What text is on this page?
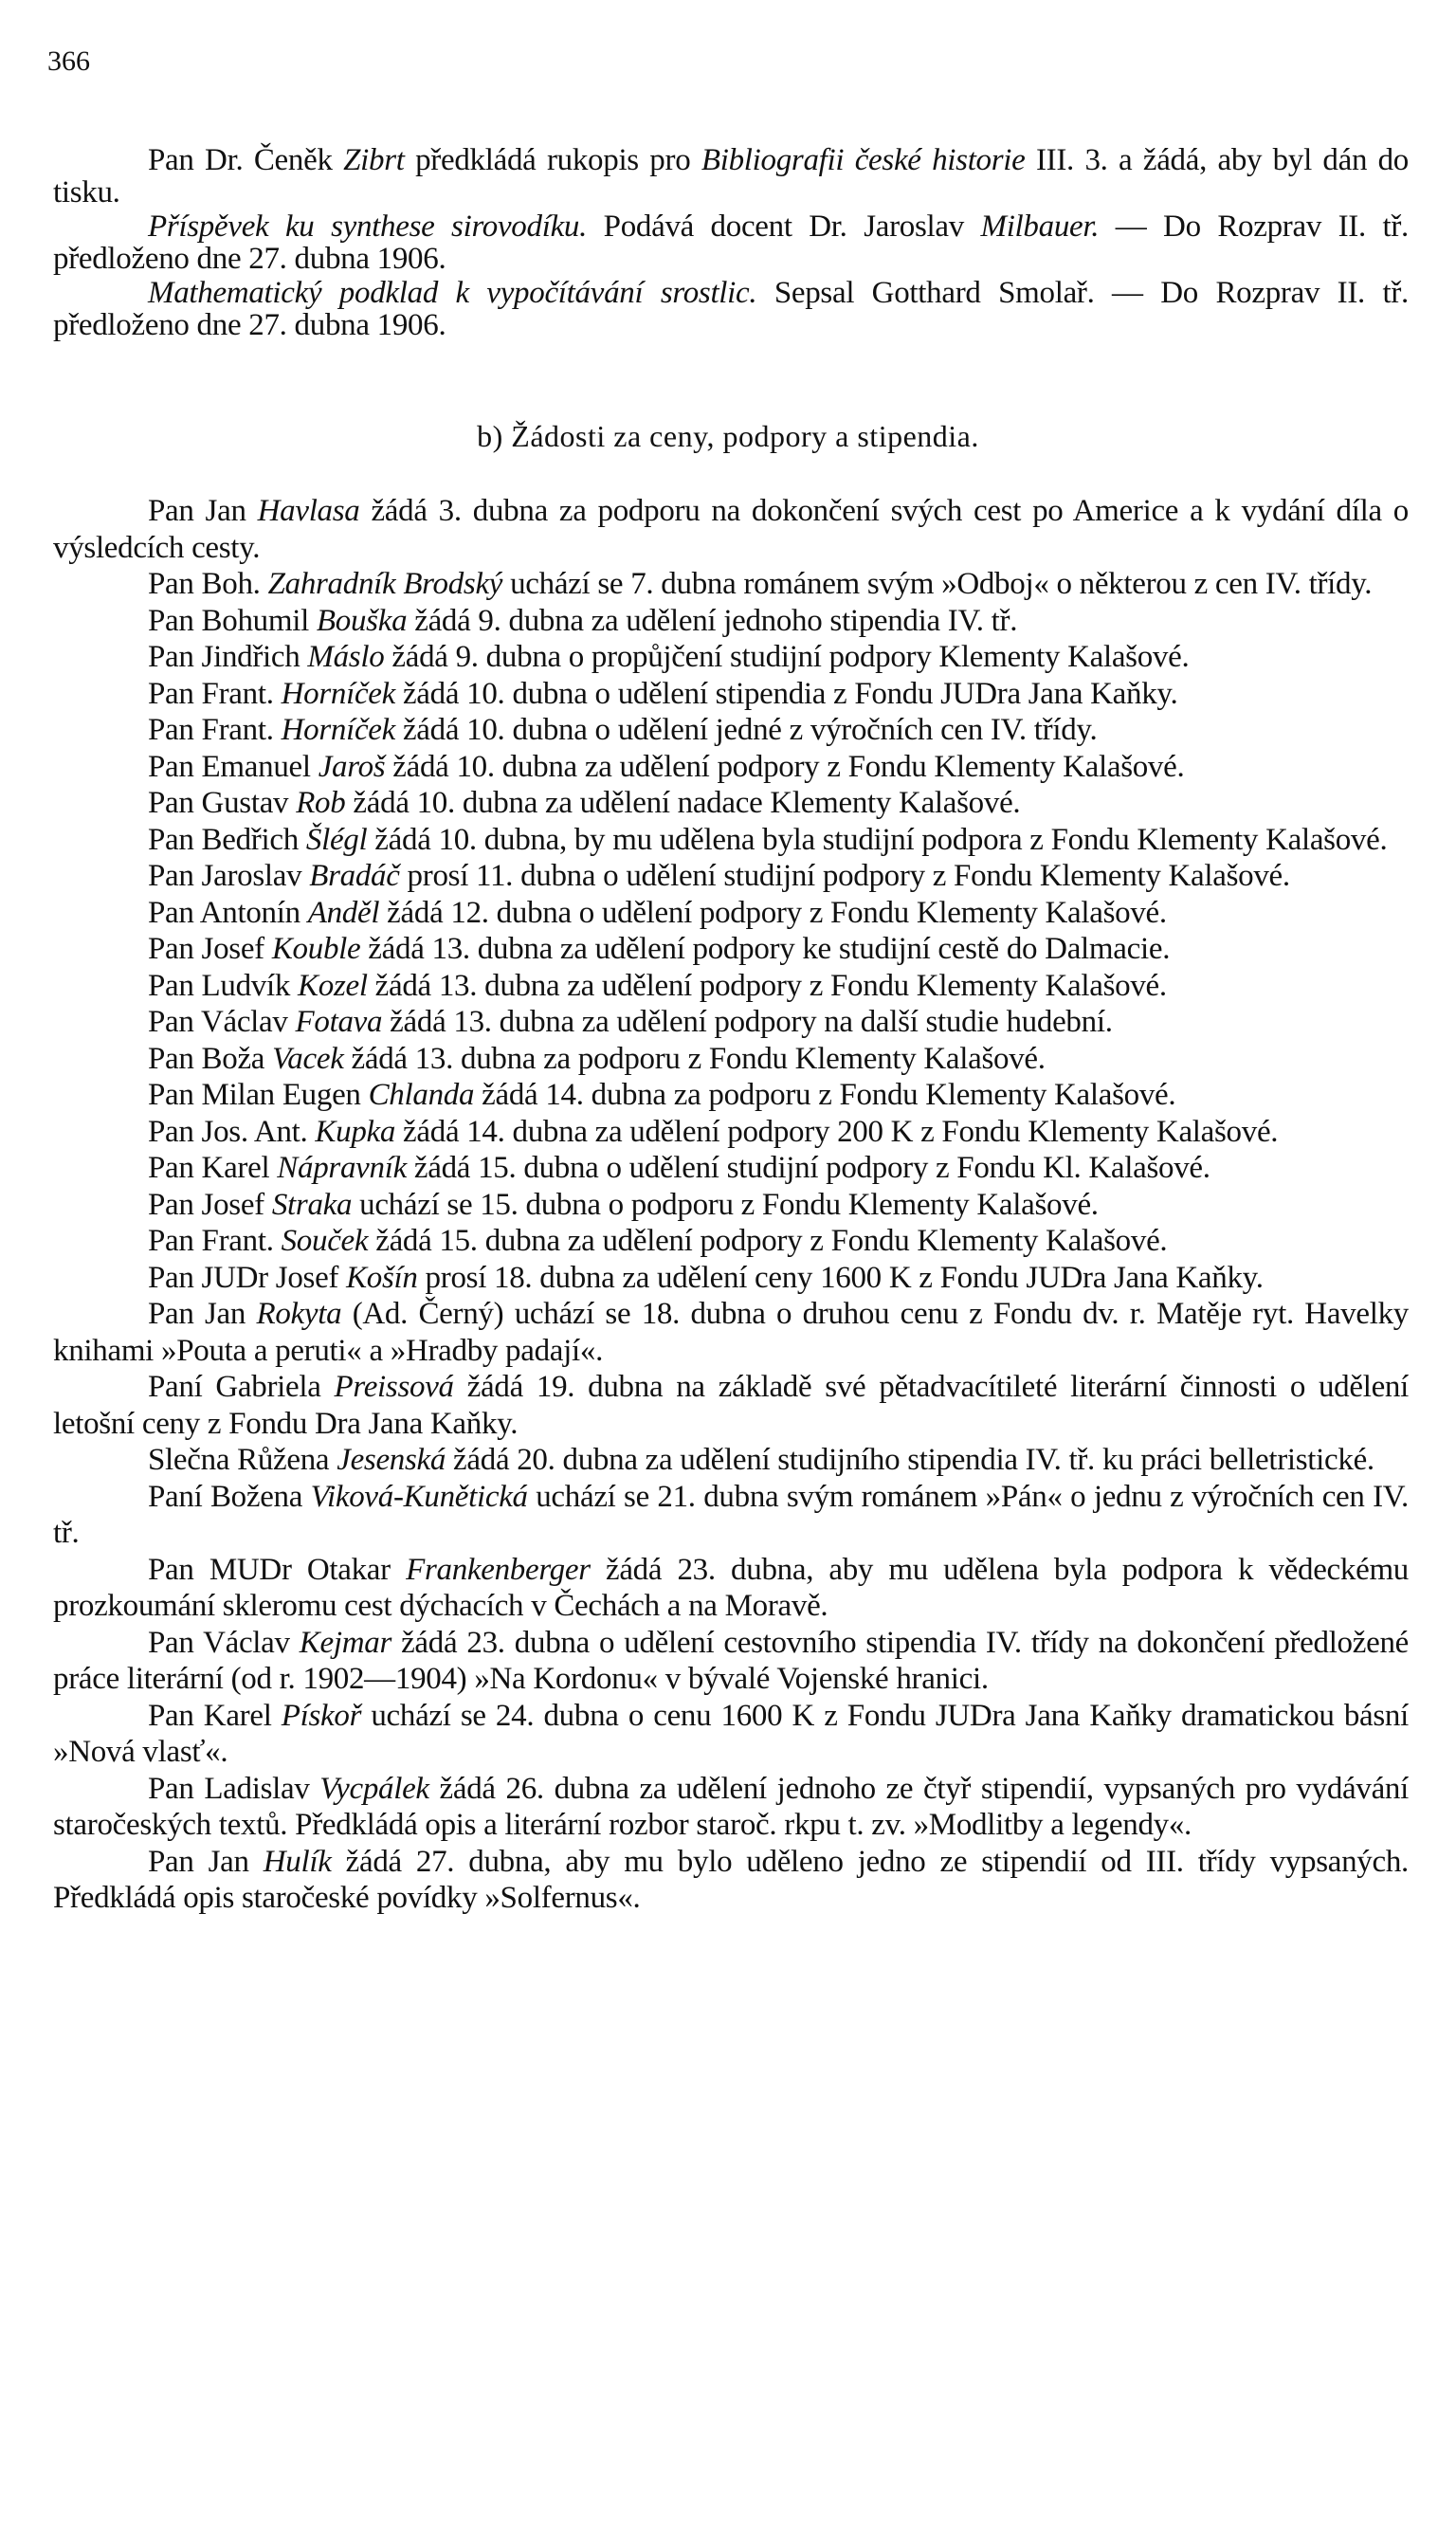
366

Pan Dr. Čeněk Zibrt předkládá rukopis pro Bibliografii české historie III. 3. a žádá, aby byl dán do tisku.

Příspěvek ku synthese sirovodíku. Podává docent Dr. Jaroslav Milbauer. — Do Rozprav II. tř. předloženo dne 27. dubna 1906.

Mathematický podklad k vypočítávání srostlic. Sepsal Gotthard Smolař. — Do Rozprav II. tř. předloženo dne 27. dubna 1906.

b) Žádosti za ceny, podpory a stipendia.

Pan Jan Havlasa žádá 3. dubna za podporu na dokončení svých cest po Americe a k vydání díla o výsledcích cesty.

Pan Boh. Zahradník Brodský uchází se 7. dubna románem svým »Odboj« o některou z cen IV. třídy.

Pan Bohumil Bouška žádá 9. dubna za udělení jednoho stipendia IV. tř.

Pan Jindřich Máslo žádá 9. dubna o propůjčení studijní podpory Klementy Kalašové.

Pan Frant. Horníček žádá 10. dubna o udělení stipendia z Fondu JUDra Jana Kaňky.

Pan Frant. Horníček žádá 10. dubna o udělení jedné z výročních cen IV. třídy.

Pan Emanuel Jaroš žádá 10. dubna za udělení podpory z Fondu Klementy Kalašové.

Pan Gustav Rob žádá 10. dubna za udělení nadace Klementy Kalašové.

Pan Bedřich Šlégl žádá 10. dubna, by mu udělena byla studijní podpora z Fondu Klementy Kalašové.

Pan Jaroslav Bradáč prosí 11. dubna o udělení studijní podpory z Fondu Klementy Kalašové.

Pan Antonín Anděl žádá 12. dubna o udělení podpory z Fondu Klementy Kalašové.

Pan Josef Kouble žádá 13. dubna za udělení podpory ke studijní cestě do Dalmacie.

Pan Ludvík Kozel žádá 13. dubna za udělení podpory z Fondu Klementy Kalašové.

Pan Václav Fotava žádá 13. dubna za udělení podpory na další studie hudební.

Pan Boža Vacek žádá 13. dubna za podporu z Fondu Klementy Kalašové.

Pan Milan Eugen Chlanda žádá 14. dubna za podporu z Fondu Klementy Kalašové.

Pan Jos. Ant. Kupka žádá 14. dubna za udělení podpory 200 K z Fondu Klementy Kalašové.

Pan Karel Nápravník žádá 15. dubna o udělení studijní podpory z Fondu Kl. Kalašové.

Pan Josef Straka uchází se 15. dubna o podporu z Fondu Klementy Kalašové.

Pan Frant. Souček žádá 15. dubna za udělení podpory z Fondu Klementy Kalašové.

Pan JUDr Josef Košín prosí 18. dubna za udělení ceny 1600 K z Fondu JUDra Jana Kaňky.

Pan Jan Rokyta (Ad. Černý) uchází se 18. dubna o druhou cenu z Fondu dv. r. Matěje ryt. Havelky knihami »Pouta a peruti« a »Hradby padají«.

Paní Gabriela Preissová žádá 19. dubna na základě své pětadvacítileté literární činnosti o udělení letošní ceny z Fondu Dra Jana Kaňky.

Slečna Růžena Jesenská žádá 20. dubna za udělení studijního stipendia IV. tř. ku práci belletristické.

Paní Božena Viková-Kunětická uchází se 21. dubna svým románem »Pán« o jednu z výročních cen IV. tř.

Pan MUDr Otakar Frankenberger žádá 23. dubna, aby mu udělena byla podpora k vědeckému prozkoumání skleromu cest dýchacích v Čechách a na Moravě.

Pan Václav Kejmar žádá 23. dubna o udělení cestovního stipendia IV. třídy na dokončení předložené práce literární (od r. 1902—1904) »Na Kordonu« v bývalé Vojenské hranici.

Pan Karel Pískoř uchází se 24. dubna o cenu 1600 K z Fondu JUDra Jana Kaňky dramatickou básní »Nová vlasť«.

Pan Ladislav Vycpálek žádá 26. dubna za udělení jednoho ze čtyř stipendií, vypsaných pro vydávání staročeských textů. Předkládá opis a literární rozbor staroč. rkpu t. zv. »Modlitby a legendy«.

Pan Jan Hulík žádá 27. dubna, aby mu bylo uděleno jedno ze stipendií od III. třídy vypsaných. Předkládá opis staročeské povídky »Solfernus«.
